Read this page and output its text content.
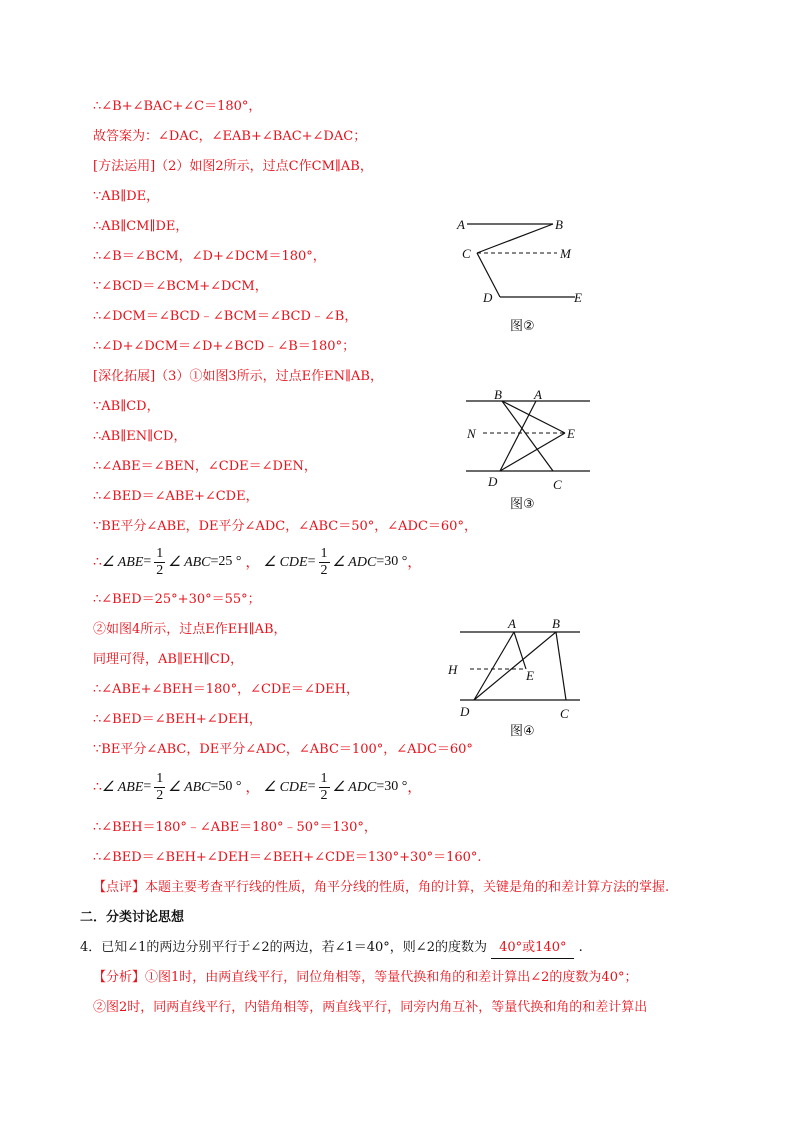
∴∠B+∠BAC+∠C＝180°，
故答案为：∠DAC，∠EAB+∠BAC+∠DAC；
[方法运用]（2）如图2所示，过点C作CM∥AB，
∵AB∥DE，
∴AB∥CM∥DE，
∴∠B＝∠BCM，∠D+∠DCM＝180°，
∵∠BCD＝∠BCM+∠DCM，
∴∠DCM＝∠BCD﹣∠BCM＝∠BCD﹣∠B，
∴∠D+∠DCM＝∠D+∠BCD﹣∠B＝180°；
[深化拓展]（3）①如图3所示，过点E作EN∥AB，
∵AB∥CD，
∴AB∥EN∥CD，
∴∠ABE＝∠BEN，∠CDE＝∠DEN，
∴∠BED＝∠ABE+∠CDE，
∵BE平分∠ABE，DE平分∠ADC，∠ABC＝50°，∠ADC＝60°，
∴ ∠ ABE = $\frac{1}{2}$ ∠ ABC =25 ° ， ∠ CDE = $\frac{1}{2}$ ∠ ADC =30 ° ，
∴∠BED＝25°+30°＝55°；
②如图4所示，过点E作EH∥AB，
同理可得，AB∥EH∥CD，
∴∠ABE+∠BEH＝180°，∠CDE＝∠DEH，
∴∠BED＝∠BEH+∠DEH，
∵BE平分∠ABC，DE平分∠ADC，∠ABC＝100°，∠ADC＝60°
∴ ∠ ABE = $\frac{1}{2}$ ∠ ABC =50 ° ， ∠ CDE = $\frac{1}{2}$ ∠ ADC =30 ° ，
∴∠BEH＝180°﹣∠ABE＝180°﹣50°＝130°，
∴∠BED＝∠BEH+∠DEH＝∠BEH+∠CDE＝130°+30°＝160°.
【点评】本题主要考查平行线的性质，角平分线的性质，角的计算，关键是角的和差计算方法的掌握.
二．分类讨论思想
4．已知∠1的两边分别平行于∠2的两边，若∠1＝40°，则∠2的度数为 40°或140° .
【分析】①图1时，由两直线平行，同位角相等，等量代换和角的和差计算出∠2的度数为40°；
②图2时，同两直线平行，内错角相等，两直线平行，同旁内角互补，等量代换和角的和差计算出
A	B
C	M
D	E
图②
B A
N	E
D	C
图③
A	B
H	E
D	C
图④
